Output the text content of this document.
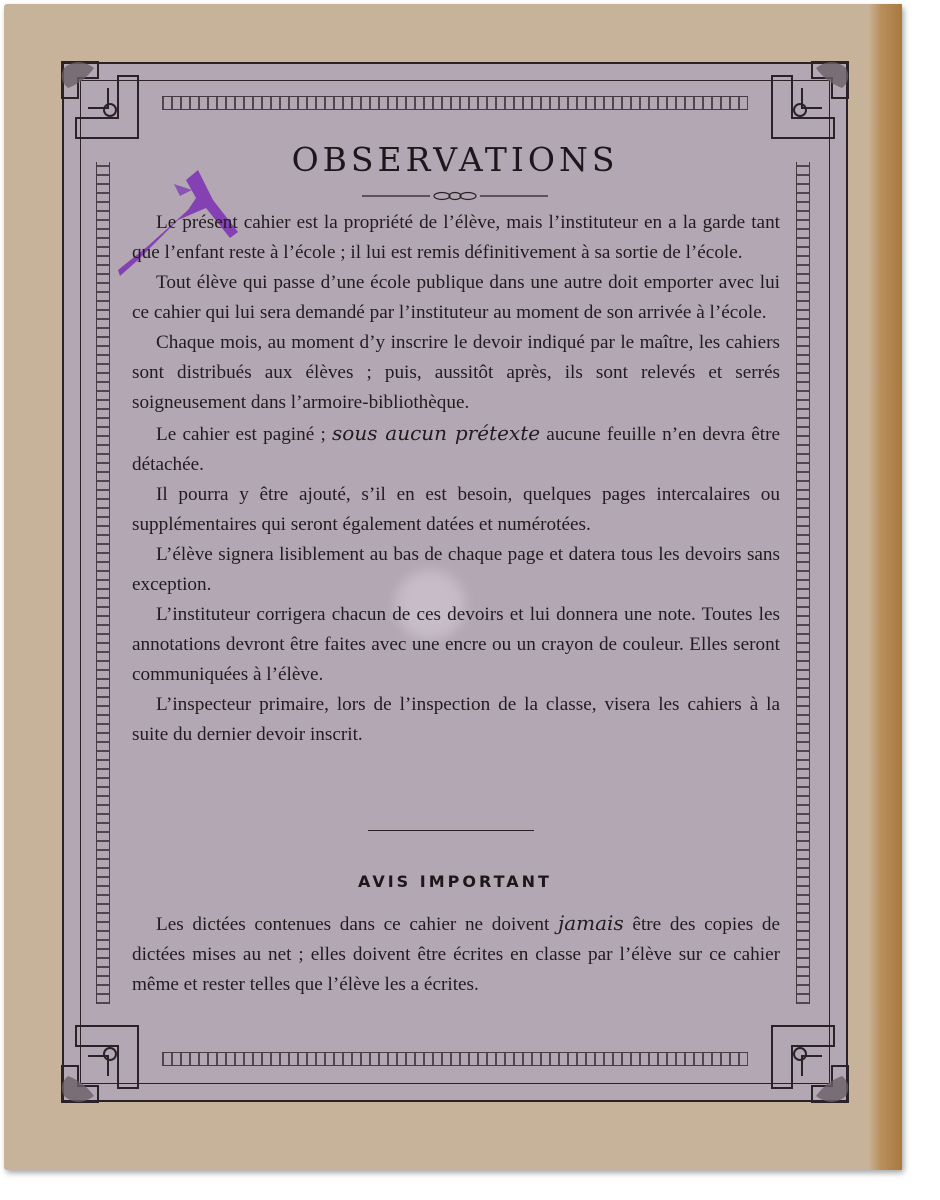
OBSERVATIONS

Le présent cahier est la propriété de l’élève, mais l’instituteur en a la garde tant que l’enfant reste à l’école ; il lui est remis définitivement à sa sortie de l’école.

Tout élève qui passe d’une école publique dans une autre doit emporter avec lui ce cahier qui lui sera demandé par l’instituteur au moment de son arrivée à l’école.

Chaque mois, au moment d’y inscrire le devoir indiqué par le maître, les cahiers sont distribués aux élèves ; puis, aussitôt après, ils sont relevés et serrés soigneusement dans l’armoire-bibliothèque.

Le cahier est paginé ; sous aucun prétexte aucune feuille n’en devra être détachée.

Il pourra y être ajouté, s’il en est besoin, quelques pages intercalaires ou supplémentaires qui seront également datées et numérotées.

L’élève signera lisiblement au bas de chaque page et datera tous les devoirs sans exception.

L’instituteur corrigera chacun de ces devoirs et lui donnera une note. Toutes les annotations devront être faites avec une encre ou un crayon de couleur. Elles seront communiquées à l’élève.

L’inspecteur primaire, lors de l’inspection de la classe, visera les cahiers à la suite du dernier devoir inscrit.

AVIS IMPORTANT

Les dictées contenues dans ce cahier ne doivent jamais être des copies de dictées mises au net ; elles doivent être écrites en classe par l’élève sur ce cahier même et rester telles que l’élève les a écrites.
